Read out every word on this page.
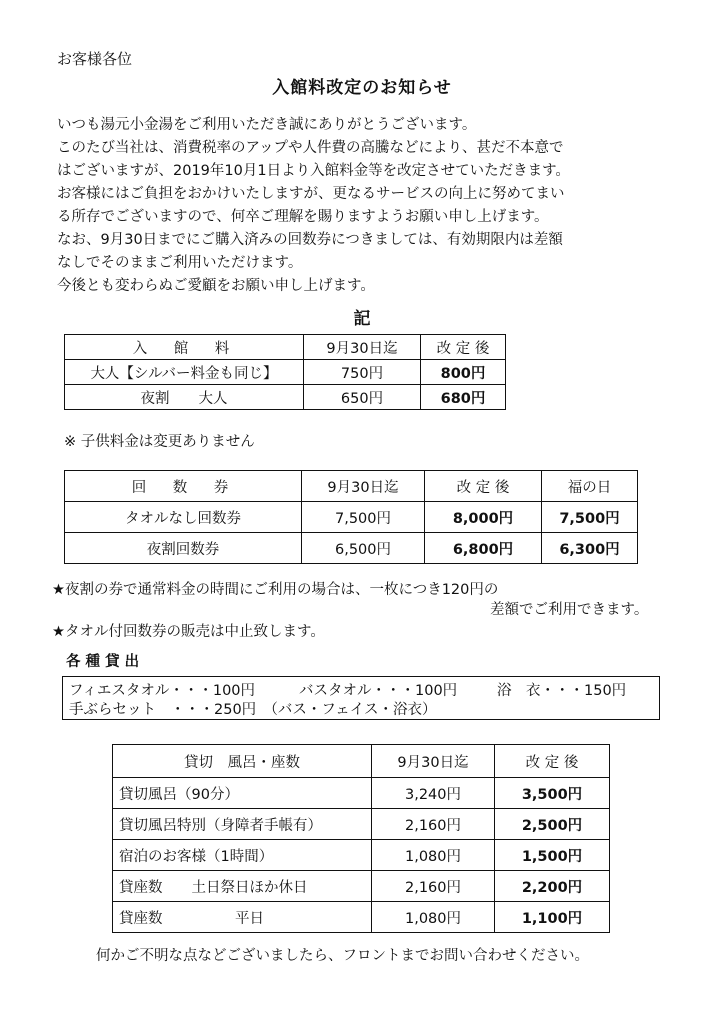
お客様各位
入館料改定のお知らせ
いつも湯元小金湯をご利用いただき誠にありがとうございます。
このたび当社は、消費税率のアップや人件費の高騰などにより、甚だ不本意で
はございますが、2019年10月1日より入館料金等を改定させていただきます。
お客様にはご負担をおかけいたしますが、更なるサービスの向上に努めてまい
る所存でございますので、何卒ご理解を賜りますようお願い申し上げます。
なお、9月30日までにご購入済みの回数券につきましては、有効期限内は差額
なしでそのままご利用いただけます。
今後とも変わらぬご愛顧をお願い申し上げます。
記
入　館　料	9月30日迄	改 定 後
大人【シルバー料金も同じ】	750円	800円
夜割　　大人	650円	680円
※ 子供料金は変更ありません
回　数　券	9月30日迄	改 定 後	福の日
タオルなし回数券	7,500円	8,000円	7,500円
夜割回数券	6,500円	6,800円	6,300円
★夜割の券で通常料金の時間にご利用の場合は、一枚につき120円の
差額でご利用できます。
★タオル付回数券の販売は中止致します。
各 種 貸 出
フィエスタオル・・・100円	バスタオル・・・100円	浴　衣・・・150円
手ぶらセット　・・・250円　（バス・フェイス・浴衣）
貸切　風呂・座数	9月30日迄	改 定 後
貸切風呂（90分）	3,240円	3,500円
貸切風呂特別（身障者手帳有）	2,160円	2,500円
宿泊のお客様（1時間）	1,080円	1,500円
貸座数　　土日祭日ほか休日	2,160円	2,200円
貸座数　　　　　平日	1,080円	1,100円
何かご不明な点などございましたら、フロントまでお問い合わせください。
